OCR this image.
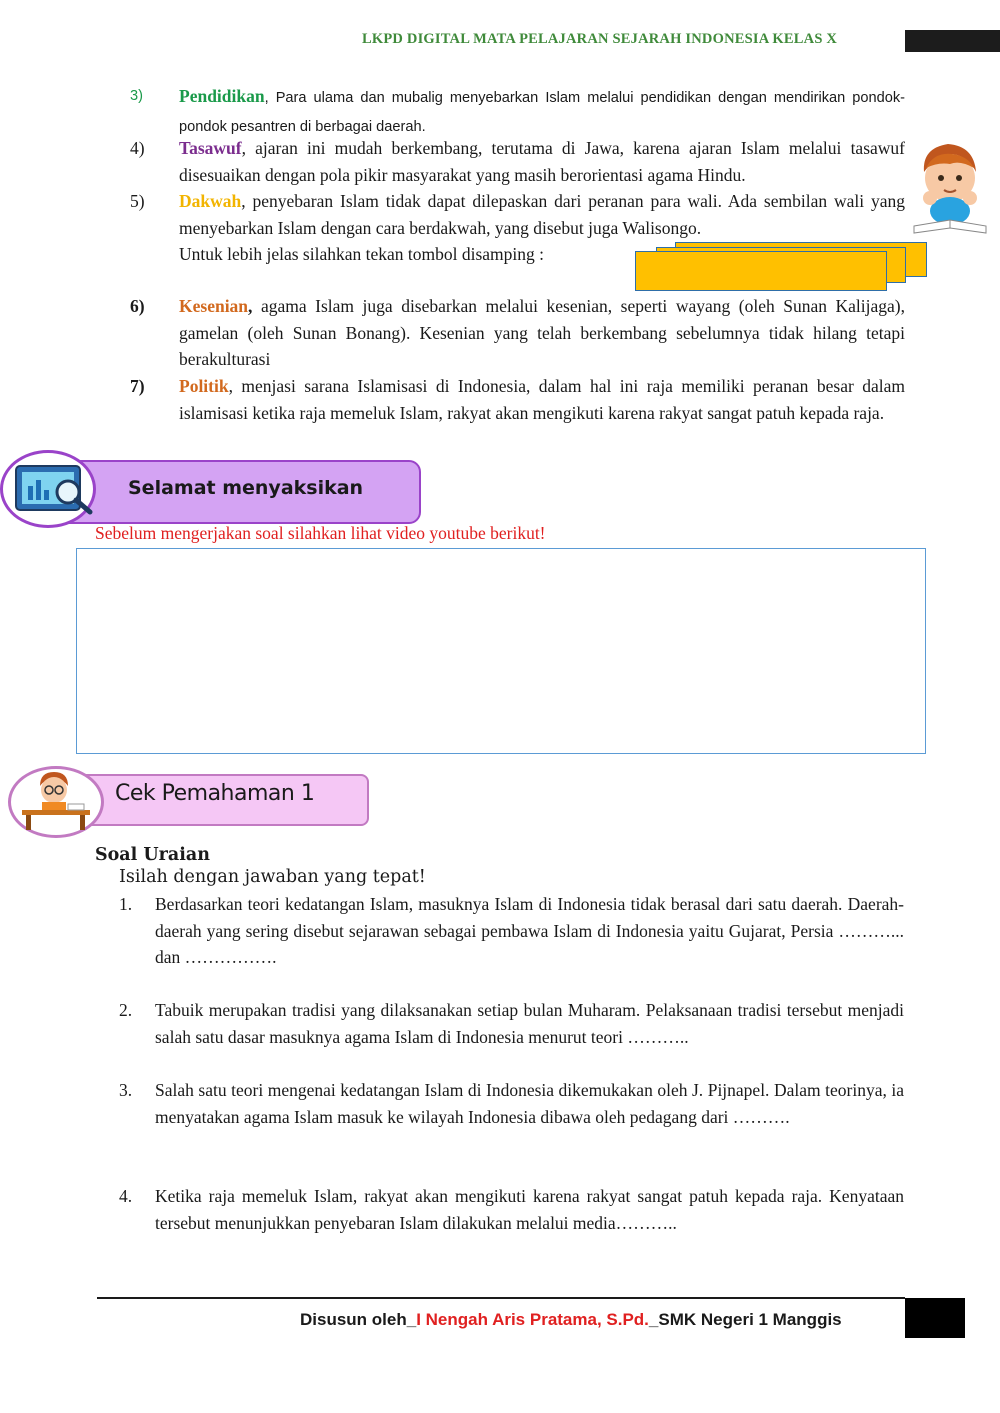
LKPD DIGITAL MATA PELAJARAN SEJARAH INDONESIA KELAS X
3)	Pendidikan, Para ulama dan mubalig menyebarkan Islam melalui pendidikan dengan mendirikan pondok-pondok pesantren di berbagai daerah.
4)	Tasawuf, ajaran ini mudah berkembang, terutama di Jawa, karena ajaran Islam melalui tasawuf disesuaikan dengan pola pikir masyarakat yang masih berorientasi agama Hindu.
5)	Dakwah, penyebaran Islam tidak dapat dilepaskan dari peranan para wali. Ada sembilan wali yang menyebarkan Islam dengan cara berdakwah, yang disebut juga Walisongo.
Untuk lebih jelas silahkan tekan tombol disamping :
6)	Kesenian, agama Islam juga disebarkan melalui kesenian, seperti wayang (oleh Sunan Kalijaga), gamelan (oleh Sunan Bonang). Kesenian yang telah berkembang sebelumnya tidak hilang tetapi berakulturasi
7)	Politik, menjasi sarana Islamisasi di Indonesia, dalam hal ini raja memiliki peranan besar dalam islamisasi ketika raja memeluk Islam, rakyat akan mengikuti karena rakyat sangat patuh kepada raja.
Selamat menyaksikan
Sebelum mengerjakan soal silahkan lihat video youtube berikut!
Cek Pemahaman 1
Soal Uraian
Isilah dengan jawaban yang tepat!
1. Berdasarkan teori kedatangan Islam, masuknya Islam di Indonesia tidak berasal dari satu daerah. Daerah-daerah yang sering disebut sejarawan sebagai pembawa Islam di Indonesia yaitu Gujarat, Persia ………... dan …………….
2. Tabuik merupakan tradisi yang dilaksanakan setiap bulan Muharam. Pelaksanaan tradisi tersebut menjadi salah satu dasar masuknya agama Islam di Indonesia menurut teori ………..
3. Salah satu teori mengenai kedatangan Islam di Indonesia dikemukakan oleh J. Pijnapel. Dalam teorinya, ia menyatakan agama Islam masuk ke wilayah Indonesia dibawa oleh pedagang dari ……….
4. Ketika raja memeluk Islam, rakyat akan mengikuti karena rakyat sangat patuh kepada raja. Kenyataan tersebut menunjukkan penyebaran Islam dilakukan melalui media………..
Disusun oleh_I Nengah Aris Pratama, S.Pd._SMK Negeri 1 Manggis
